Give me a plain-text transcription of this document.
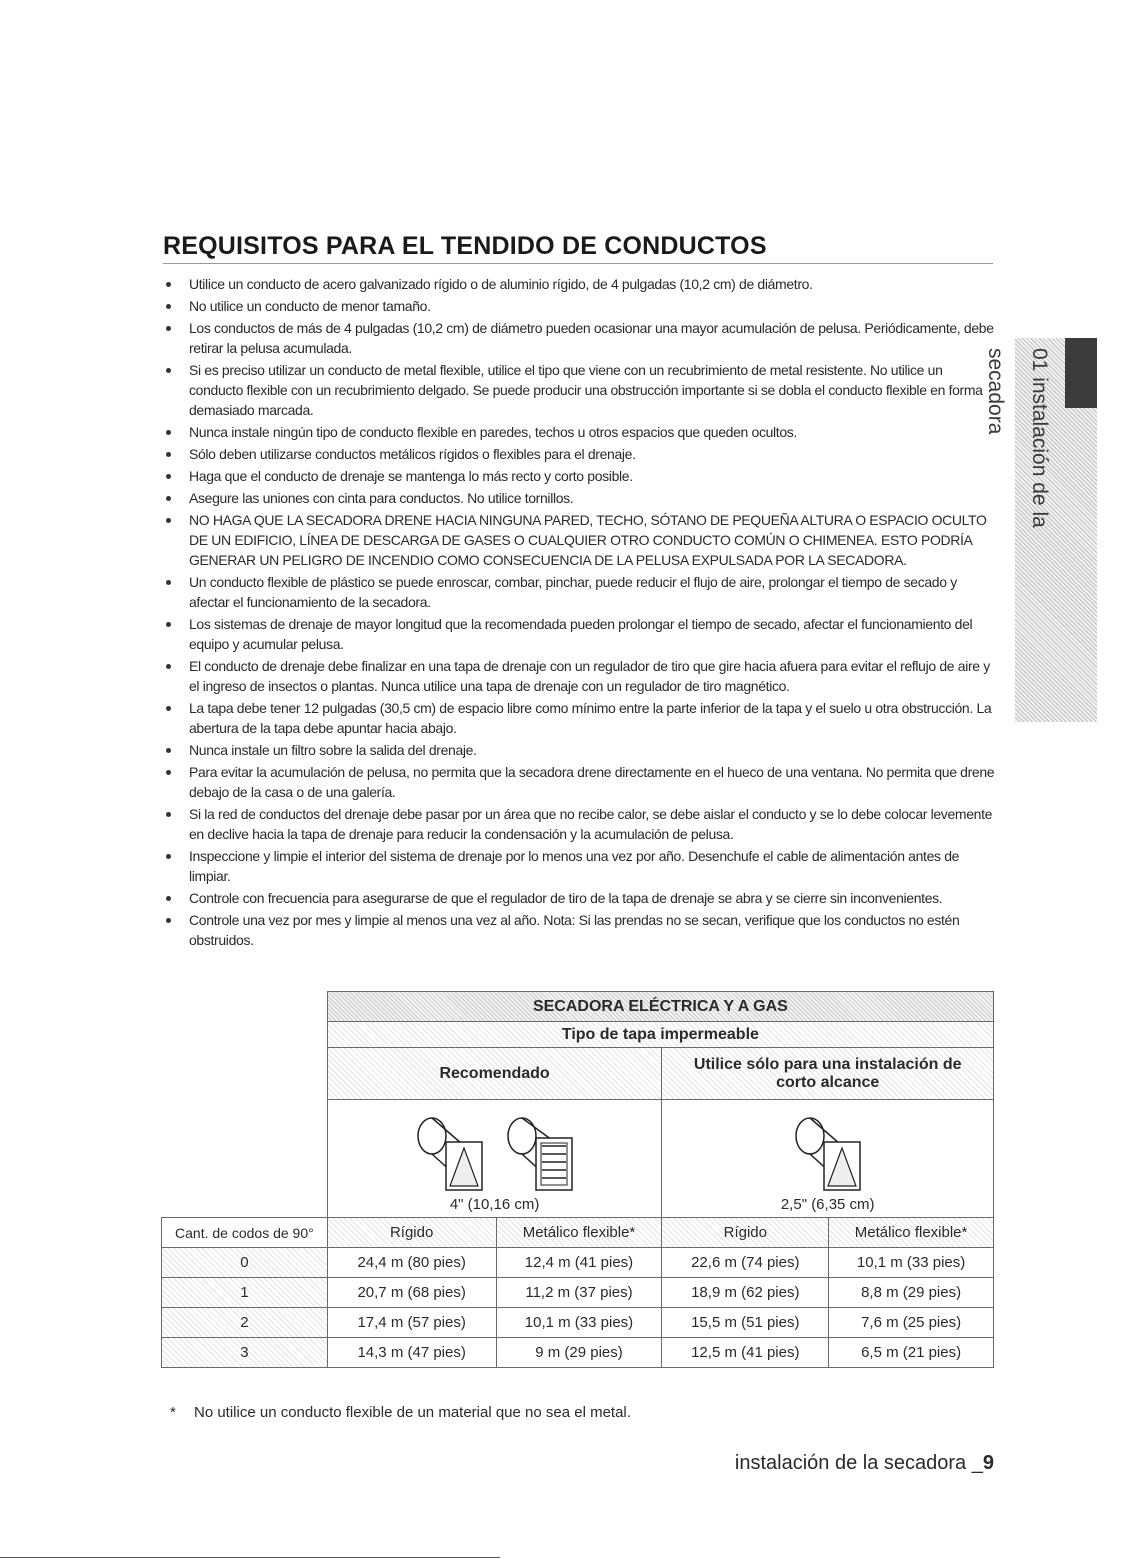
REQUISITOS PARA EL TENDIDO DE CONDUCTOS
Utilice un conducto de acero galvanizado rígido o de aluminio rígido, de 4 pulgadas (10,2 cm) de diámetro.
No utilice un conducto de menor tamaño.
Los conductos de más de 4 pulgadas (10,2 cm) de diámetro pueden ocasionar una mayor acumulación de pelusa. Periódicamente, debe retirar la pelusa acumulada.
Si es preciso utilizar un conducto de metal flexible, utilice el tipo que viene con un recubrimiento de metal resistente. No utilice un conducto flexible con un recubrimiento delgado. Se puede producir una obstrucción importante si se dobla el conducto flexible en forma demasiado marcada.
Nunca instale ningún tipo de conducto flexible en paredes, techos u otros espacios que queden ocultos.
Sólo deben utilizarse conductos metálicos rígidos o flexibles para el drenaje.
Haga que el conducto de drenaje se mantenga lo más recto y corto posible.
Asegure las uniones con cinta para conductos. No utilice tornillos.
NO HAGA QUE LA SECADORA DRENE HACIA NINGUNA PARED, TECHO, SÓTANO DE PEQUEÑA ALTURA O ESPACIO OCULTO DE UN EDIFICIO, LÍNEA DE DESCARGA DE GASES O CUALQUIER OTRO CONDUCTO COMÚN O CHIMENEA. ESTO PODRÍA GENERAR UN PELIGRO DE INCENDIO COMO CONSECUENCIA DE LA PELUSA EXPULSADA POR LA SECADORA.
Un conducto flexible de plástico se puede enroscar, combar, pinchar, puede reducir el flujo de aire, prolongar el tiempo de secado y afectar el funcionamiento de la secadora.
Los sistemas de drenaje de mayor longitud que la recomendada pueden prolongar el tiempo de secado, afectar el funcionamiento del equipo y acumular pelusa.
El conducto de drenaje debe finalizar en una tapa de drenaje con un regulador de tiro que gire hacia afuera para evitar el reflujo de aire y el ingreso de insectos o plantas. Nunca utilice una tapa de drenaje con un regulador de tiro magnético.
La tapa debe tener 12 pulgadas (30,5 cm) de espacio libre como mínimo entre la parte inferior de la tapa y el suelo u otra obstrucción. La abertura de la tapa debe apuntar hacia abajo.
Nunca instale un filtro sobre la salida del drenaje.
Para evitar la acumulación de pelusa, no permita que la secadora drene directamente en el hueco de una ventana. No permita que drene debajo de la casa o de una galería.
Si la red de conductos del drenaje debe pasar por un área que no recibe calor, se debe aislar el conducto y se lo debe colocar levemente en declive hacia la tapa de drenaje para reducir la condensación y la acumulación de pelusa.
Inspeccione y limpie el interior del sistema de drenaje por lo menos una vez por año. Desenchufe el cable de alimentación antes de limpiar.
Controle con frecuencia para asegurarse de que el regulador de tiro de la tapa de drenaje se abra y se cierre sin inconvenientes.
Controle una vez por mes y limpie al menos una vez al año. Nota: Si las prendas no se secan, verifique que los conductos no estén obstruidos.
01 instalación de la secadora
	SECADORA ELÉCTRICA Y A GAS			
	Tipo de tapa impermeable			
	Recomendado		Utilice sólo para una instalación de corto alcance	

	4" (10,16 cm)		2,5" (6,35 cm)	

Cant. de codos de 90°	Rígido	Metálico flexible*	Rígido	Metálico flexible*
0	24,4 m (80 pies)	12,4 m (41 pies)	22,6 m (74 pies)	10,1 m (33 pies)
1	20,7 m (68 pies)	11,2 m (37 pies)	18,9 m (62 pies)	8,8 m (29 pies)
2	17,4 m (57 pies)	10,1 m (33 pies)	15,5 m (51 pies)	7,6 m (25 pies)
3	14,3 m (47 pies)	9 m (29 pies)	12,5 m (41 pies)	6,5 m (21 pies)
* No utilice un conducto flexible de un material que no sea el metal.
instalación de la secadora _9
